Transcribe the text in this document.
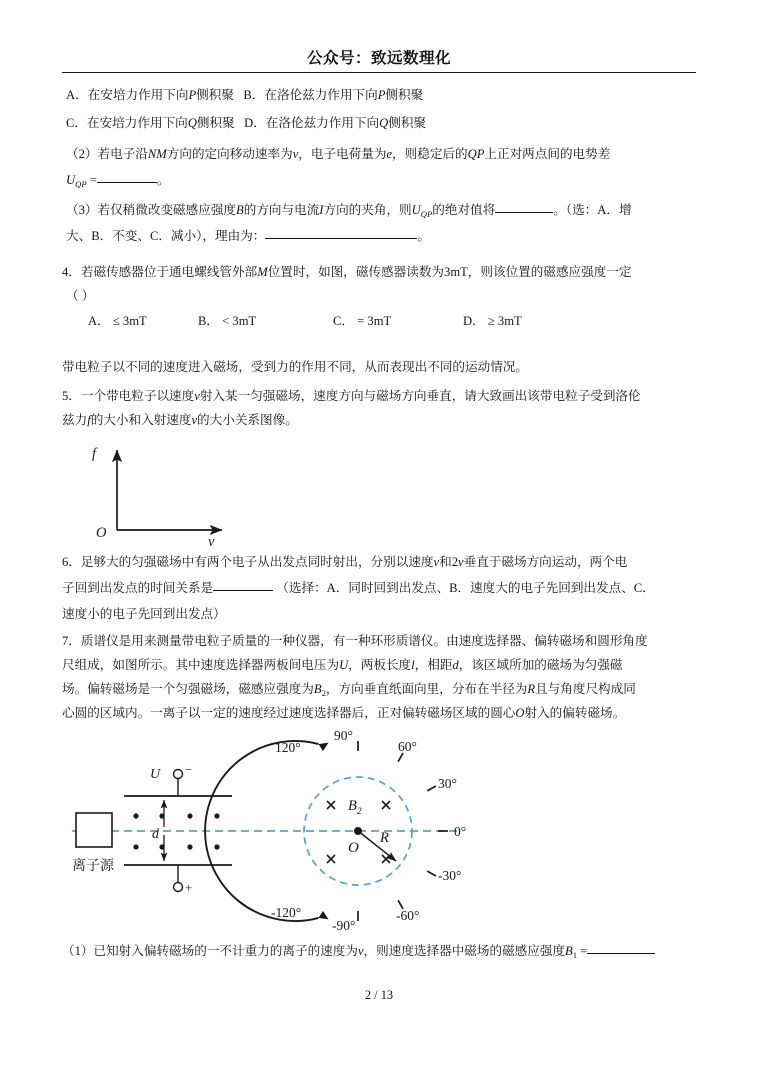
公众号：致远数理化
A．在安培力作用下向P侧积聚 B．在洛伦兹力作用下向P侧积聚
C．在安培力作用下向Q侧积聚 D．在洛伦兹力作用下向Q侧积聚
（2）若电子沿NM方向的定向移动速率为v，电子电荷量为e，则稳定后的QP上正对两点间的电势差
$U_{QP}$ =	。
（3）若仅稍微改变磁感应强度B的方向与电流I方向的夹角，则$U_{QP}$的绝对值将	。（选：A．增
大、B．不变、C．减小），理由为：	。
4．若磁传感器位于通电螺线管外部M位置时，如图，磁传感器读数为3mT，则该位置的磁感应强度一定
（ ）
A． ≤ 3mT	B． < 3mT	C． = 3mT	D． ≥ 3mT
带电粒子以不同的速度进入磁场，受到力的作用不同，从而表现出不同的运动情况。
5．一个带电粒子以速度v射入某一匀强磁场，速度方向与磁场方向垂直，请大致画出该带电粒子受到洛伦
兹力f的大小和入射速度v的大小关系图像。
f
v
O
6．足够大的匀强磁场中有两个电子从出发点同时射出，分别以速度v和2v垂直于磁场方向运动，两个电
子回到出发点的时间关系是	（选择：A．同时回到出发点、B．速度大的电子先回到出发点、C．
速度小的电子先回到出发点）
7．质谱仪是用来测量带电粒子质量的一种仪器，有一种环形质谱仪。由速度选择器、偏转磁场和圆形角度
尺组成，如图所示。其中速度选择器两板间电压为U，两板长度l，相距d，该区域所加的磁场为匀强磁
场。偏转磁场是一个匀强磁场，磁感应强度为$B_2$，方向垂直纸面向里，分布在半径为R且与角度尺构成同
心圆的区域内。一离子以一定的速度经过速度选择器后，正对偏转磁场区域的圆心O射入的偏转磁场。
离子源
−
U
+
d
$B_2$
O
R
90°
120°	60°
30°
0°
-30°
-60°
-90°
-120°
（1）已知射入偏转磁场的一不计重力的离子的速度为v，则速度选择器中磁场的磁感应强度$B_1$ =
2 / 13
